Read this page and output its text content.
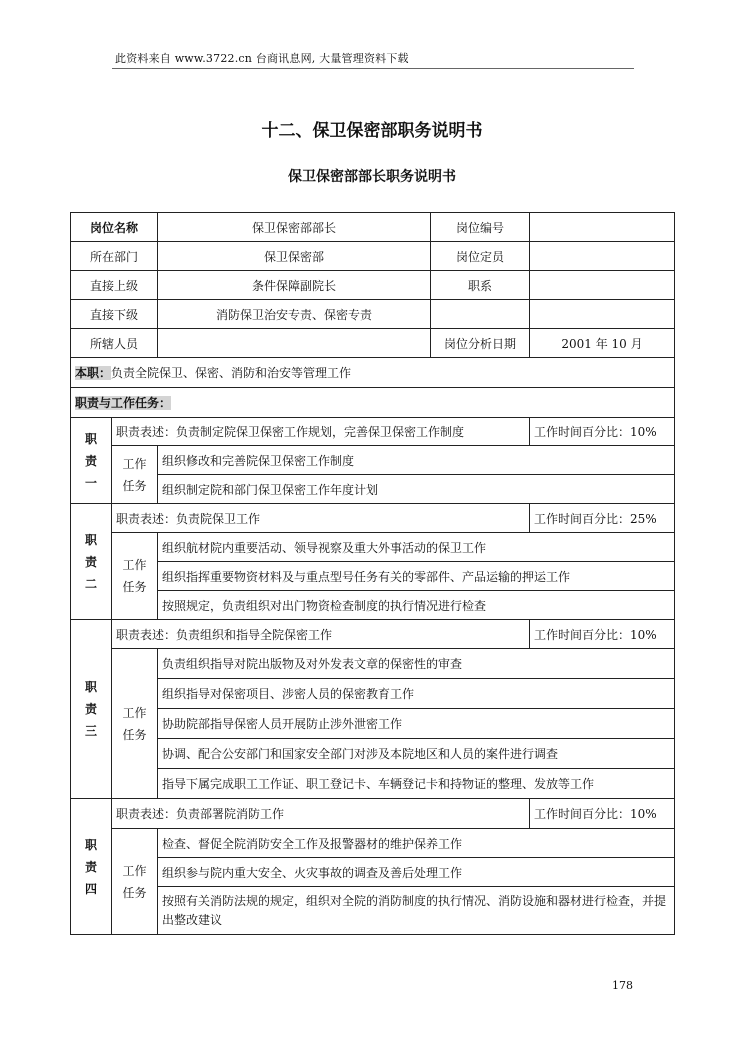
此资料来自 www.3722.cn 台商讯息网, 大量管理资料下载
十二、保卫保密部职务说明书
保卫保密部部长职务说明书
岗位名称		保卫保密部部长	岗位编号	
所在部门		保卫保密部	岗位定员	
直接上级		条件保障副院长	职系	
直接下级		消防保卫治安专责、保密专责		
所辖人员			岗位分析日期	2001 年 10 月
本职：负责全院保卫、保密、消防和治安等管理工作				
职责与工作任务：				

职
责
一	职责表述：负责制定院保卫保密工作规划，完善保卫保密工作制度			工作时间百分比：10%

	工作
任务	组织修改和完善院保卫保密工作制度		
		组织制定院和部门保卫保密工作年度计划		

职
责
二	职责表述：负责院保卫工作			工作时间百分比：25%

	工作
任务	组织航材院内重要活动、领导视察及重大外事活动的保卫工作		
		组织指挥重要物资材料及与重点型号任务有关的零部件、产品运输的押运工作		
		按照规定，负责组织对出门物资检查制度的执行情况进行检查		

职
责
三	职责表述：负责组织和指导全院保密工作			工作时间百分比：10%

	工作
任务	负责组织指导对院出版物及对外发表文章的保密性的审查		
		组织指导对保密项目、涉密人员的保密教育工作		
		协助院部指导保密人员开展防止涉外泄密工作		
		协调、配合公安部门和国家安全部门对涉及本院地区和人员的案件进行调查		
		指导下属完成职工工作证、职工登记卡、车辆登记卡和持物证的整理、发放等工作		

职
责
四	职责表述：负责部署院消防工作			工作时间百分比：10%

	工作
任务	检查、督促全院消防安全工作及报警器材的维护保养工作		
		组织参与院内重大安全、火灾事故的调查及善后处理工作		
		按照有关消防法规的规定，组织对全院的消防制度的执行情况、消防设施和器材进行检查，并提出整改建议		
178
